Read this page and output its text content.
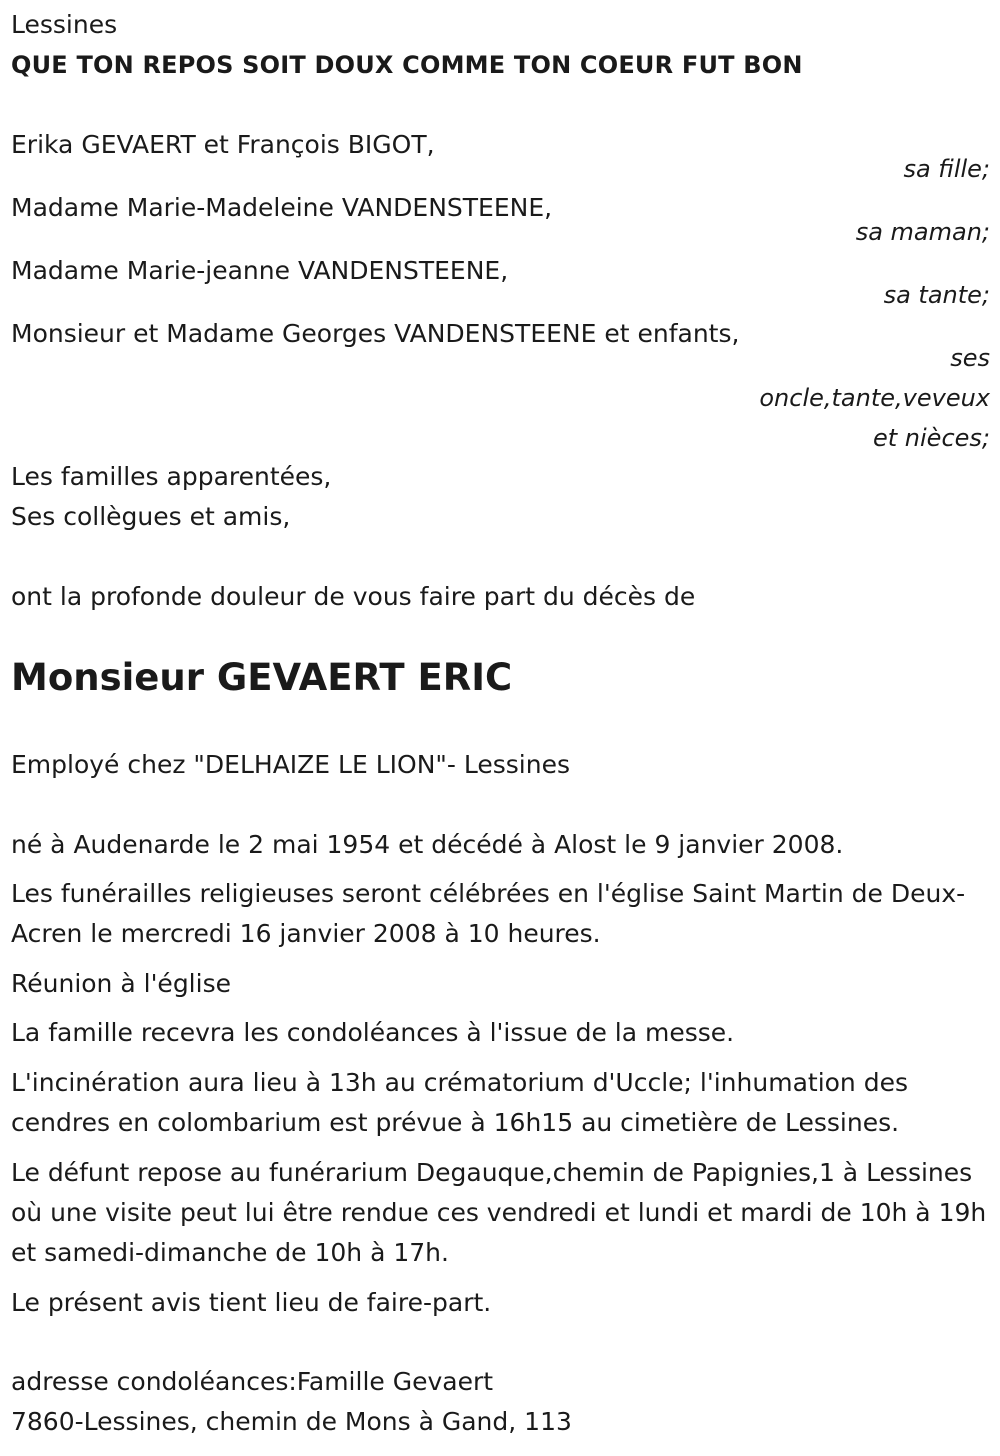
Lessines
QUE TON REPOS SOIT DOUX COMME TON COEUR FUT BON
Erika GEVAERT et François BIGOT,
sa fille;
Madame Marie-Madeleine VANDENSTEENE,
sa maman;
Madame Marie-jeanne VANDENSTEENE,
sa tante;
Monsieur et Madame Georges VANDENSTEENE et enfants,
ses
oncle,tante,veveux
et nièces;
Les familles apparentées,
Ses collègues et amis,
ont la profonde douleur de vous faire part du décès de
Monsieur GEVAERT ERIC
Employé chez "DELHAIZE LE LION"- Lessines
né à Audenarde le 2 mai 1954 et décédé à Alost le 9 janvier 2008.
Les funérailles religieuses seront célébrées en l'église Saint Martin de Deux-Acren le mercredi 16 janvier 2008 à 10 heures.
Réunion à l'église
La famille recevra les condoléances à l'issue de la messe.
L'incinération aura lieu à 13h au crématorium d'Uccle; l'inhumation des cendres en colombarium est prévue à 16h15 au cimetière de Lessines.
Le défunt repose au funérarium Degauque,chemin de Papignies,1 à Lessines où une visite peut lui être rendue ces vendredi et lundi et mardi de 10h à 19h et samedi-dimanche de 10h à 17h.
Le présent avis tient lieu de faire-part.
adresse condoléances:Famille Gevaert
7860-Lessines, chemin de Mons à Gand, 113
